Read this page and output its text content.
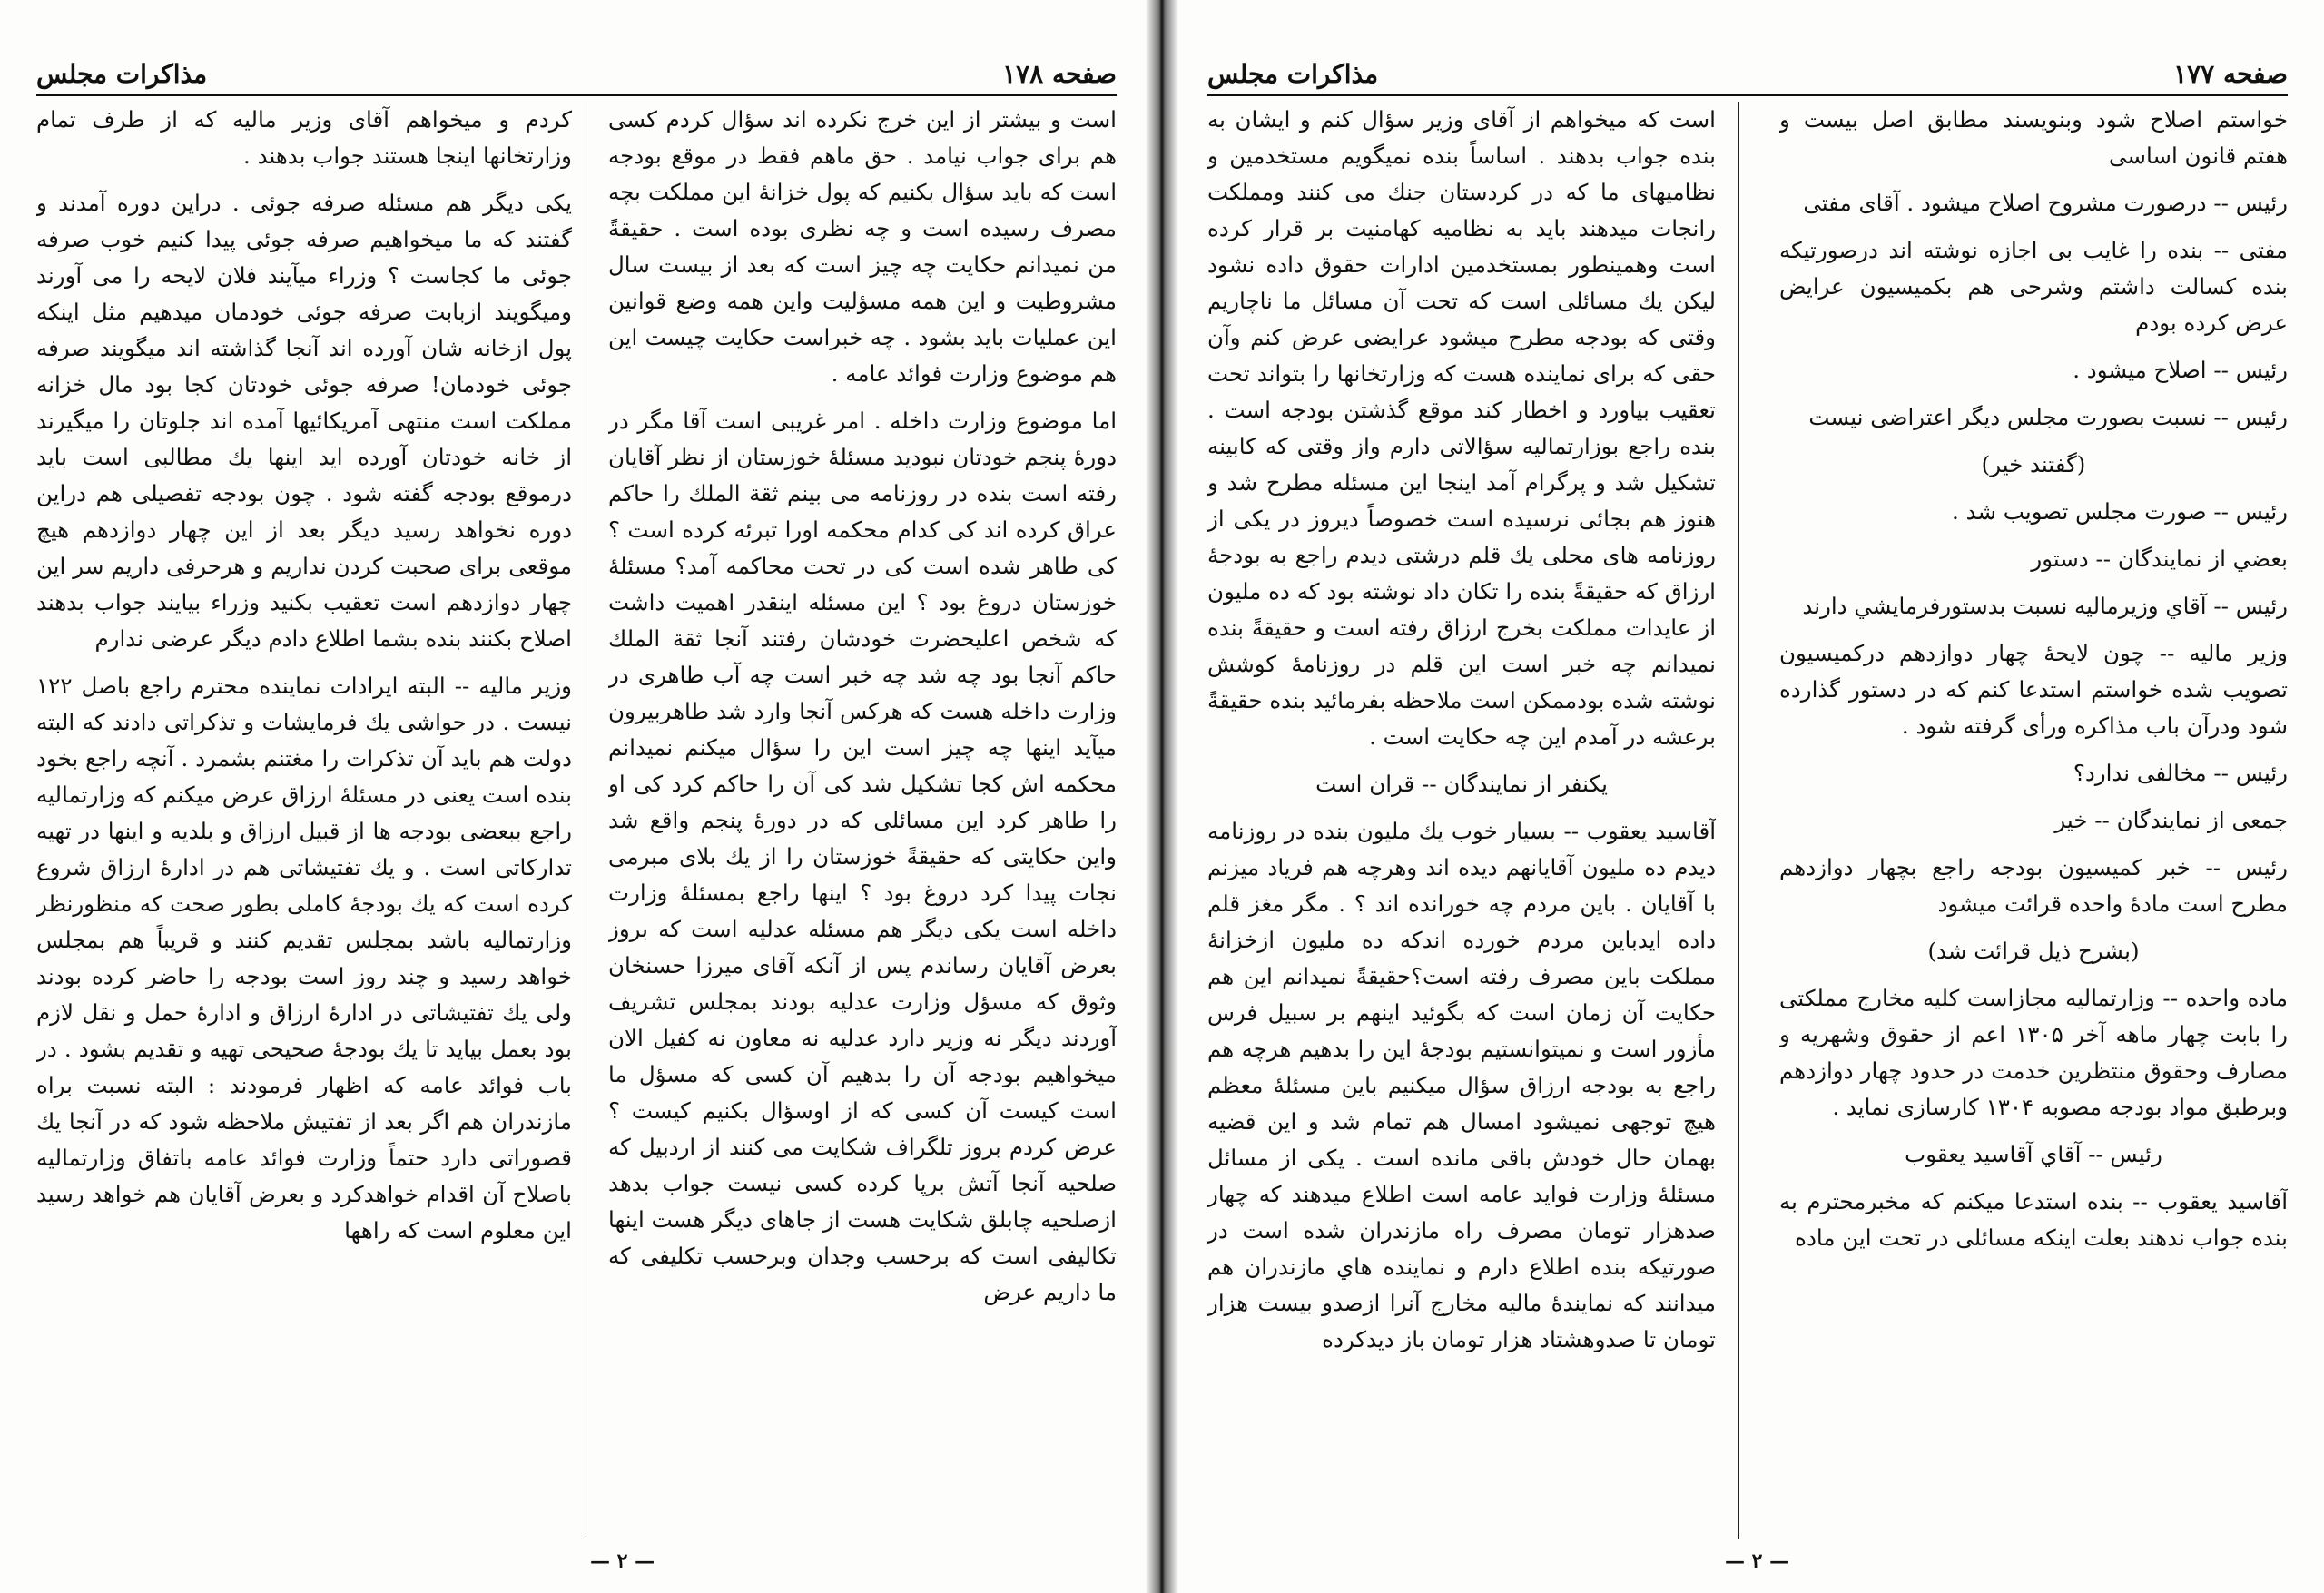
صفحه ۱۷۸
مذاکرات مجلس

است و بیشتر از این خرج نکرده اند سؤال کردم کسی هم برای جواب نیامد . حق ماهم فقط در موقع بودجه است که باید سؤال بکنیم که پول خزانهٔ این مملکت بچه مصرف رسیده است و چه نظری بوده است . حقیقةً من نمیدانم حکایت چه چیز است که بعد از بیست سال مشروطیت و این همه مسؤلیت واین همه وضع قوانین این عملیات باید بشود . چه خبراست حکایت چیست این هم موضوع وزارت فوائد عامه .

اما موضوع وزارت داخله . امر غریبی است آقا مگر در دورهٔ پنجم خودتان نبودید مسئلهٔ خوزستان از نظر آقایان رفته است بنده در روزنامه می بینم ثقة الملك را حاکم عراق کرده اند کی کدام محکمه اورا تبرئه کرده است ؟ کی طاهر شده است کی در تحت محاکمه آمد؟ مسئلهٔ خوزستان دروغ بود ؟ این مسئله اینقدر اهمیت داشت که شخص اعلیحضرت خودشان رفتند آنجا ثقة الملك حاکم آنجا بود چه شد چه خبر است چه آب طاهری در وزارت داخله هست که هرکس آنجا وارد شد طاهربیرون میآید اینها چه چیز است این را سؤال میکنم نمیدانم محکمه اش کجا تشکیل شد کی آن را حاکم کرد کی او را طاهر کرد این مسائلی که در دورهٔ پنجم واقع شد واین حکایتی که حقیقةً خوزستان را از یك بلای مبرمی نجات پیدا کرد دروغ بود ؟ اینها راجع بمسئلهٔ وزارت داخله است یکی دیگر هم مسئله عدلیه است که بروز بعرض آقایان رساندم پس از آنکه آقای میرزا حسنخان وثوق که مسؤل وزارت عدلیه بودند بمجلس تشریف آوردند دیگر نه وزیر دارد عدلیه نه معاون نه کفیل الان میخواهیم بودجه آن را بدهیم آن کسی که مسؤل ما است کیست آن کسی که از اوسؤال بکنیم کیست ؟ عرض کردم بروز تلگراف شکایت می کنند از اردبیل که صلحیه آنجا آتش برپا کرده کسی نیست جواب بدهد ازصلحیه چابلق شکایت هست از جاهای دیگر هست اینها تکالیفی است که برحسب وجدان وبرحسب تکلیفی که ما داریم عرض

کردم و میخواهم آقای وزیر مالیه که از طرف تمام وزارتخانها اینجا هستند جواب بدهند .

یکی دیگر هم مسئله صرفه جوئی . دراین دوره آمدند و گفتند که ما میخواهیم صرفه جوئی پیدا کنیم خوب صرفه جوئی ما کجاست ؟ وزراء میآیند فلان لایحه را می آورند ومیگویند ازبابت صرفه جوئی خودمان میدهیم مثل اینکه پول ازخانه شان آورده اند آنجا گذاشته اند میگویند صرفه جوئی خودمان! صرفه جوئی خودتان کجا بود مال خزانه مملکت است منتهی آمریکائیها آمده اند جلوتان را میگیرند از خانه خودتان آورده اید اینها یك مطالبی است باید درموقع بودجه گفته شود . چون بودجه تفصیلی هم دراین دوره نخواهد رسید دیگر بعد از این چهار دوازدهم هیچ موقعی برای صحبت کردن نداریم و هرحرفی داریم سر این چهار دوازدهم است تعقیب بکنید وزراء بیایند جواب بدهند اصلاح بکنند بنده بشما اطلاع دادم دیگر عرضی ندارم

وزیر مالیه -- البته ایرادات نماینده محترم راجع باصل ۱۲۲ نیست . در حواشی یك فرمایشات و تذکراتی دادند که البته دولت هم باید آن تذکرات را مغتنم بشمرد . آنچه راجع بخود بنده است یعنی در مسئلهٔ ارزاق عرض میکنم که وزارتمالیه راجع ببعضی بودجه ها از قبیل ارزاق و بلدیه و اینها در تهیه تدارکاتی است . و یك تفتیشاتی هم در ادارهٔ ارزاق شروع کرده است که یك بودجهٔ کاملی بطور صحت که منظورنظر وزارتمالیه باشد بمجلس تقدیم کنند و قریباً هم بمجلس خواهد رسید و چند روز است بودجه را حاضر کرده بودند ولی یك تفتیشاتی در ادارهٔ ارزاق و ادارهٔ حمل و نقل لازم بود بعمل بیاید تا یك بودجهٔ صحیحی تهیه و تقدیم بشود . در باب فوائد عامه که اظهار فرمودند : البته نسبت براه مازندران هم اگر بعد از تفتیش ملاحظه شود که در آنجا یك قصوراتی دارد حتماً وزارت فوائد عامه باتفاق وزارتمالیه باصلاح آن اقدام خواهدکرد و بعرض آقایان هم خواهد رسید این معلوم است که راهها

— ۲ —
صفحه ۱۷۷
مذاکرات مجلس

خواستم اصلاح شود وبنویسند مطابق اصل بیست و هفتم قانون اساسی

رئیس -- درصورت مشروح اصلاح میشود . آقای مفتی

مفتی -- بنده را غایب بی اجازه نوشته اند درصورتیکه بنده کسالت داشتم وشرحی هم بکمیسیون عرایض عرض کرده بودم

رئیس -- اصلاح میشود .

رئیس -- نسبت بصورت مجلس دیگر اعتراضی نیست

(گفتند خیر)

رئیس -- صورت مجلس تصویب شد .

بعضي از نمایندگان -- دستور

رئیس -- آقاي وزیرمالیه نسبت بدستورفرمایشي دارند

وزیر مالیه -- چون لایحهٔ چهار دوازدهم درکمیسیون تصویب شده خواستم استدعا کنم که در دستور گذارده شود ودرآن باب مذاکره ورأی گرفته شود .

رئیس -- مخالفی ندارد؟

جمعی از نمایندگان -- خیر

رئیس -- خبر کمیسیون بودجه راجع بچهار دوازدهم مطرح است مادهٔ واحده قرائت میشود

(بشرح ذیل قرائت شد)

ماده واحده -- وزارتمالیه مجازاست کلیه مخارج مملکتی را بابت چهار ماهه آخر ۱۳۰۵ اعم از حقوق وشهریه و مصارف وحقوق منتظرین خدمت در حدود چهار دوازدهم وبرطبق مواد بودجه مصوبه ۱۳۰۴ کارسازی نماید .

رئیس -- آقاي آقاسید یعقوب

آقاسید یعقوب -- بنده استدعا میکنم که مخبرمحترم به بنده جواب ندهند بعلت اینکه مسائلی در تحت این ماده

است که میخواهم از آقای وزیر سؤال کنم و ایشان به بنده جواب بدهند . اساساً بنده نمیگویم مستخدمین و نظامیهای ما که در کردستان جنك می کنند ومملکت رانجات میدهند باید به نظامیه کهامنیت بر قرار کرده است وهمینطور بمستخدمین ادارات حقوق داده نشود لیکن یك مسائلی است که تحت آن مسائل ما ناچاریم وقتی که بودجه مطرح میشود عرایضی عرض کنم وآن حقی که برای نماینده هست که وزارتخانها را بتواند تحت تعقیب بیاورد و اخطار کند موقع گذشتن بودجه است . بنده راجع بوزارتمالیه سؤالاتی دارم واز وقتی که کابینه تشکیل شد و پرگرام آمد اینجا این مسئله مطرح شد و هنوز هم بجائی نرسیده است خصوصاً دیروز در یکی از روزنامه های محلی یك قلم درشتی دیدم راجع به بودجهٔ ارزاق که حقیقةً بنده را تکان داد نوشته بود که ده ملیون از عایدات مملکت بخرج ارزاق رفته است و حقیقةً بنده نمیدانم چه خبر است این قلم در روزنامهٔ کوشش نوشته شده بودممکن است ملاحظه بفرمائید بنده حقیقةً برعشه در آمدم این چه حکایت است .

یکنفر از نمایندگان -- قران است

آقاسید یعقوب -- بسیار خوب یك ملیون بنده در روزنامه دیدم ده ملیون آقایانهم دیده اند وهرچه هم فریاد میزنم با آقایان . باین مردم چه خورانده اند ؟ . مگر مغز قلم داده ایدباین مردم خورده اندکه ده ملیون ازخزانهٔ مملکت باین مصرف رفته است؟حقیقةً نمیدانم این هم حکایت آن زمان است که بگوئید اینهم بر سبیل فرس مأزور است و نمیتوانستیم بودجهٔ این را بدهیم هرچه هم راجع به بودجه ارزاق سؤال میکنیم باین مسئلهٔ معظم هیچ توجهی نمیشود امسال هم تمام شد و این قضیه بهمان حال خودش باقی مانده است . یکی از مسائل مسئلهٔ وزارت فواید عامه است اطلاع میدهند که چهار صدهزار تومان مصرف راه مازندران شده است در صورتیکه بنده اطلاع دارم و نماینده هاي مازندران هم میدانند که نمایندهٔ مالیه مخارج آنرا ازصدو بیست هزار تومان تا صدوهشتاد هزار تومان باز دیدکرده

— ۲ —
